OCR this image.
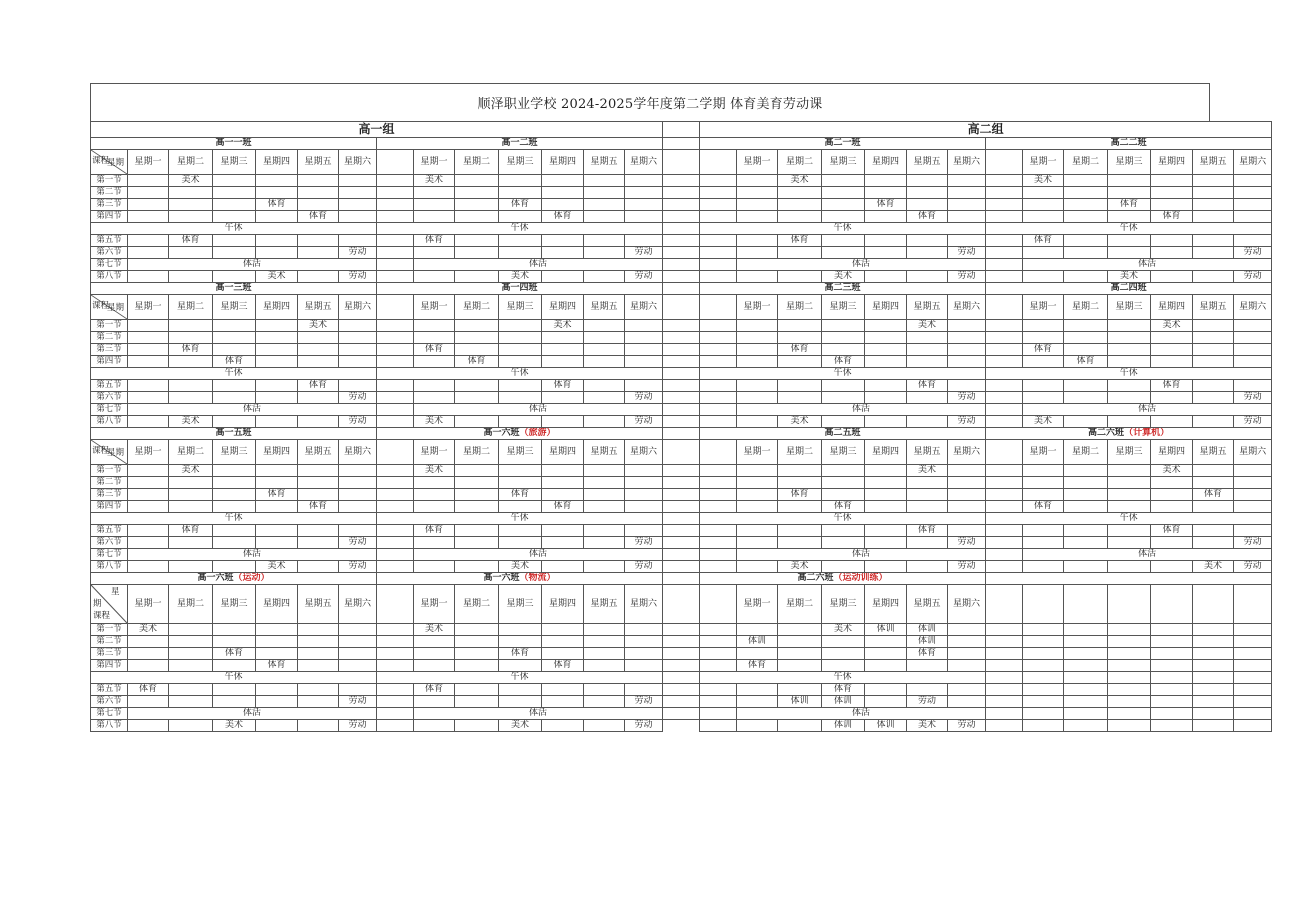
顺泽职业学校 2024-2025学年度第二学期 体育美育劳动课
高一组															高二组													
高一一班							高一二班								高二一班							高二二班						

星期
课程	星期一	星期二	星期三	星期四	星期五	星期六		星期一	星期二	星期三	星期四	星期五	星期六			星期一	星期二	星期三	星期四	星期五	星期六		星期一	星期二	星期三	星期四	星期五	星期六
第一节		美术						美术									美术						美术					
第二节																												
第三节				体育						体育									体育						体育			
第四节					体育						体育									体育						体育		
午休							午休								午休							午休						
第五节		体育						体育									体育						体育					
第六节						劳动							劳动								劳动							劳动
第七节	体活							体活								体活							体活					
第八节				美术		劳动				美术			劳动					美术			劳动				美术			劳动
高一三班							高一四班								高二三班							高二四班						

星期
课程	星期一	星期二	星期三	星期四	星期五	星期六		星期一	星期二	星期三	星期四	星期五	星期六			星期一	星期二	星期三	星期四	星期五	星期六		星期一	星期二	星期三	星期四	星期五	星期六
第一节					美术						美术									美术						美术		
第二节																												
第三节		体育						体育									体育						体育					
第四节			体育						体育									体育						体育				
午休							午休								午休							午休						
第五节					体育						体育									体育						体育		
第六节						劳动							劳动								劳动							劳动
第七节	体活							体活								体活							体活					
第八节		美术				劳动		美术					劳动				美术				劳动		美术					劳动
高一五班							高一六班（旅游）								高二五班							高二六班（计算机）						

星期
课程	星期一	星期二	星期三	星期四	星期五	星期六		星期一	星期二	星期三	星期四	星期五	星期六			星期一	星期二	星期三	星期四	星期五	星期六		星期一	星期二	星期三	星期四	星期五	星期六
第一节		美术						美术												美术						美术		
第二节																												
第三节				体育						体育							体育										体育	
第四节					体育						体育							体育					体育					
午休							午休								午休							午休						
第五节		体育						体育												体育						体育		
第六节						劳动							劳动								劳动							劳动
第七节	体活							体活								体活							体活					
第八节				美术		劳动				美术			劳动				美术				劳动						美术	劳动
高一六班（运动）							高一六班（物流）								高二六班（运动训练）													

星
期
课程	星期一	星期二	星期三	星期四	星期五	星期六		星期一	星期二	星期三	星期四	星期五	星期六			星期一	星期二	星期三	星期四	星期五	星期六							
第一节	美术							美术										美术	体训	体训								
第二节																体训				体训								
第三节			体育							体育										体育								
第四节				体育							体育					体育												
午休							午休								午休													
第五节	体育							体育										体育										
第六节						劳动							劳动				体训	体训		劳动								
第七节	体活							体活								体活												
第八节			美术			劳动				美术			劳动					体训	体训	美术	劳动							
